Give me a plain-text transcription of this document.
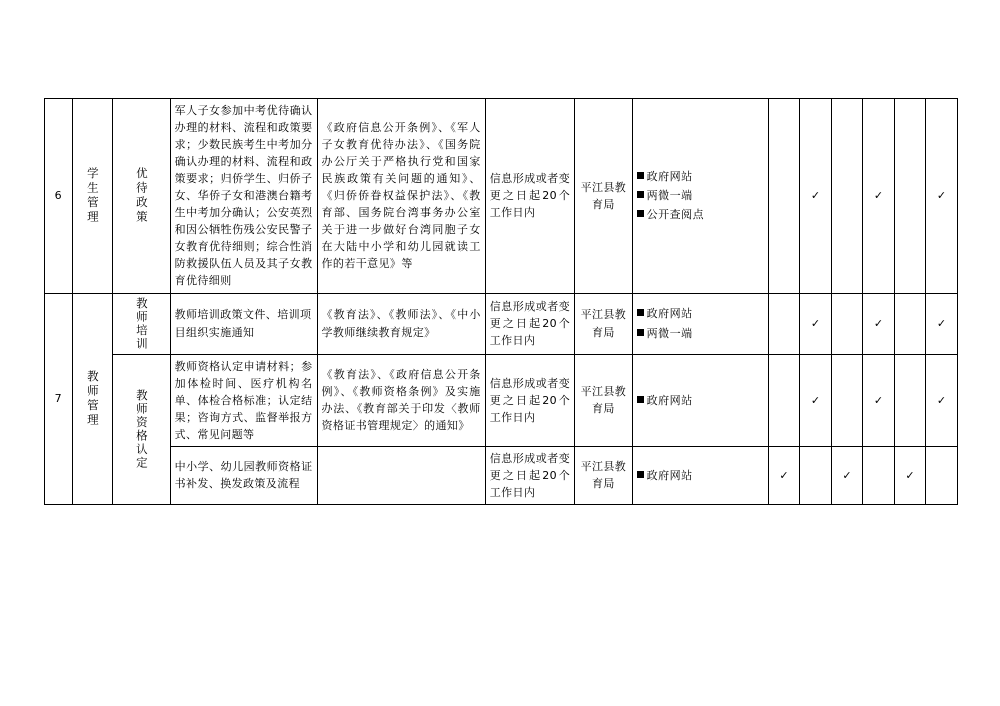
6	学生管理	优待政策	军人子女参加中考优待确认办理的材料、流程和政策要求；少数民族考生中考加分确认办理的材料、流程和政策要求；归侨学生、归侨子女、华侨子女和港澳台籍考生中考加分确认；公安英烈和因公牺牲伤残公安民警子女教育优待细则；综合性消防救援队伍人员及其子女教育优待细则	《政府信息公开条例》、《军人子女教育优待办法》、《国务院办公厅关于严格执行党和国家民族政策有关问题的通知》、《归侨侨眷权益保护法》、《教育部、国务院台湾事务办公室关于进一步做好台湾同胞子女在大陆中小学和幼儿园就读工作的若干意见》等	信息形成或者变更之日起20个工作日内	平江县教育局	政府网站
两微一端
公开查阅点		✓		✓		✓
7	教师管理	教师培训	教师培训政策文件、培训项目组织实施通知	《教育法》、《教师法》、《中小学教师继续教育规定》	信息形成或者变更之日起20个工作日内	平江县教育局	政府网站
两微一端		✓		✓		✓

		教师资格认定	教师资格认定申请材料；参加体检时间、医疗机构名单、体检合格标准；认定结果；咨询方式、监督举报方式、常见问题等	《教育法》、《政府信息公开条例》、《教师资格条例》及实施办法、《教育部关于印发〈教师资格证书管理规定〉的通知》	信息形成或者变更之日起20个工作日内	平江县教育局	政府网站		✓		✓		✓
			中小学、幼儿园教师资格证书补发、换发政策及流程		信息形成或者变更之日起20个工作日内	平江县教育局	政府网站	✓		✓		✓	
